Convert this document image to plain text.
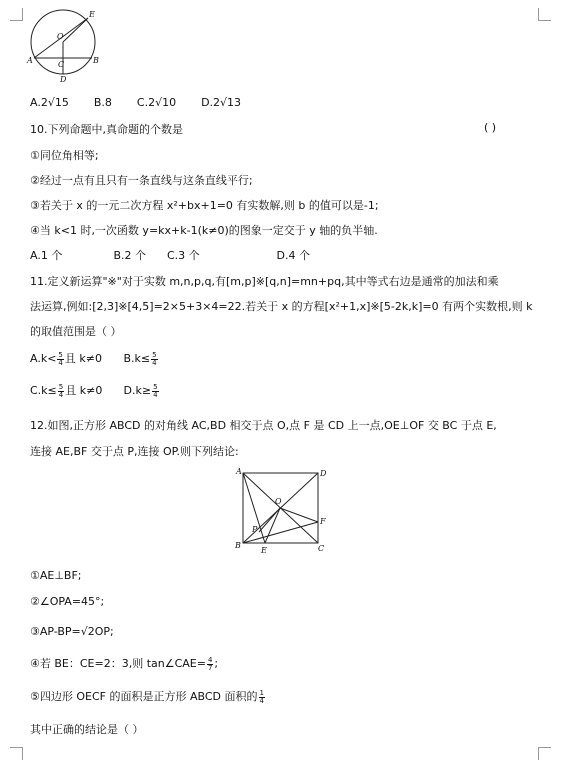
E
O
A	C	B
D
A.2√15 B.8 C.2√10 D.2√13
10.下列命题中,真命题的个数是	( )
①同位角相等;
②经过一点有且只有一条直线与这条直线平行;
③若关于 x 的一元二次方程 x²+bx+1=0 有实数解,则 b 的值可以是-1;
④当 k<1 时,一次函数 y=kx+k-1(k≠0)的图象一定交于 y 轴的负半轴.
A.1 个	B.2 个 C.3 个	D.4 个
11.定义新运算"※"对于实数 m,n,p,q,有[m,p]※[q,n]=mn+pq,其中等式右边是通常的加法和乘
法运算,例如:[2,3]※[4,5]=2×5+3×4=22.若关于 x 的方程[x²+1,x]※[5-2k,k]=0 有两个实数根,则 k
的取值范围是（ ）
$A.k< \frac{5}{4}$ 且 k≠0 $B.k\le \frac{5}{4}$
$C.k\le \frac{5}{4}$ 且 k≠0 $D.k\ge \frac{5}{4}$
12.如图,正方形 ABCD 的对角线 AC,BD 相交于点 O,点 F 是 CD 上一点,OE⊥OF 交 BC 于点 E,
连接 AE,BF 交于点 P,连接 OP.则下列结论:
A	D
O
F
P
B
E	C
①AE⊥BF;
②∠OPA=45°;
③AP-BP=√2OP;
④若 BE：CE=2：3,则 tan∠CAE= $\frac{4}{7}$ ;
⑤四边形 OECF 的面积是正方形 ABCD 面积的 $\frac{1}{4}$
其中正确的结论是（ ）
